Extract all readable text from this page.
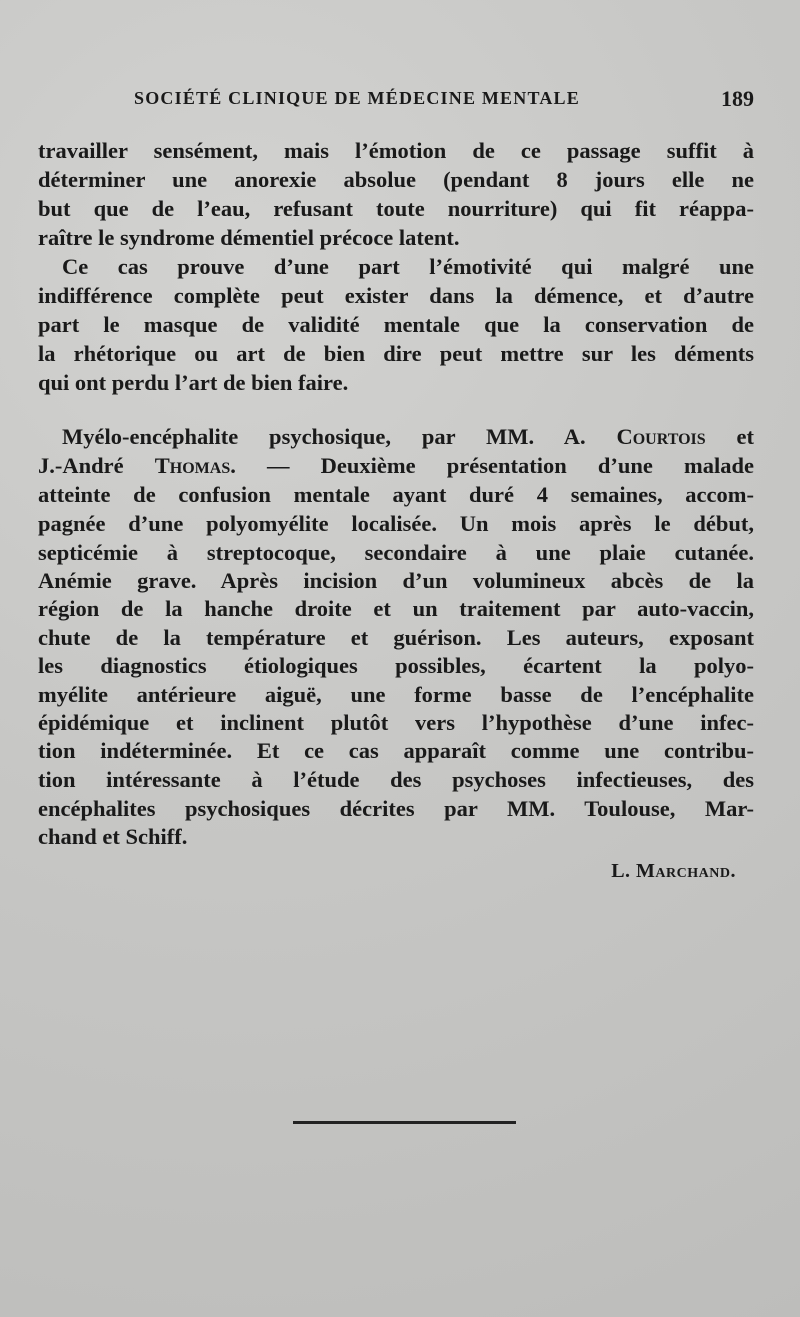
SOCIÉTÉ CLINIQUE DE MÉDECINE MENTALE	189
travailler sensément, mais l’émotion de ce passage suffit à
déterminer une anorexie absolue (pendant 8 jours elle ne
but que de l’eau, refusant toute nourriture) qui fit réappa-
raître le syndrome démentiel précoce latent.
Ce cas prouve d’une part l’émotivité qui malgré une
indifférence complète peut exister dans la démence, et d’autre
part le masque de validité mentale que la conservation de
la rhétorique ou art de bien dire peut mettre sur les déments
qui ont perdu l’art de bien faire.
Myélo-encéphalite psychosique, par MM. A. Courtois et
J.-André Thomas. — Deuxième présentation d’une malade
atteinte de confusion mentale ayant duré 4 semaines, accom-
pagnée d’une polyomyélite localisée. Un mois après le début,
septicémie à streptocoque, secondaire à une plaie cutanée.
Anémie grave. Après incision d’un volumineux abcès de la
région de la hanche droite et un traitement par auto-vaccin,
chute de la température et guérison. Les auteurs, exposant
les diagnostics étiologiques possibles, écartent la polyo-
myélite antérieure aiguë, une forme basse de l’encéphalite
épidémique et inclinent plutôt vers l’hypothèse d’une infec-
tion indéterminée. Et ce cas apparaît comme une contribu-
tion intéressante à l’étude des psychoses infectieuses, des
encéphalites psychosiques décrites par MM. Toulouse, Mar-
chand et Schiff.
L. Marchand.
